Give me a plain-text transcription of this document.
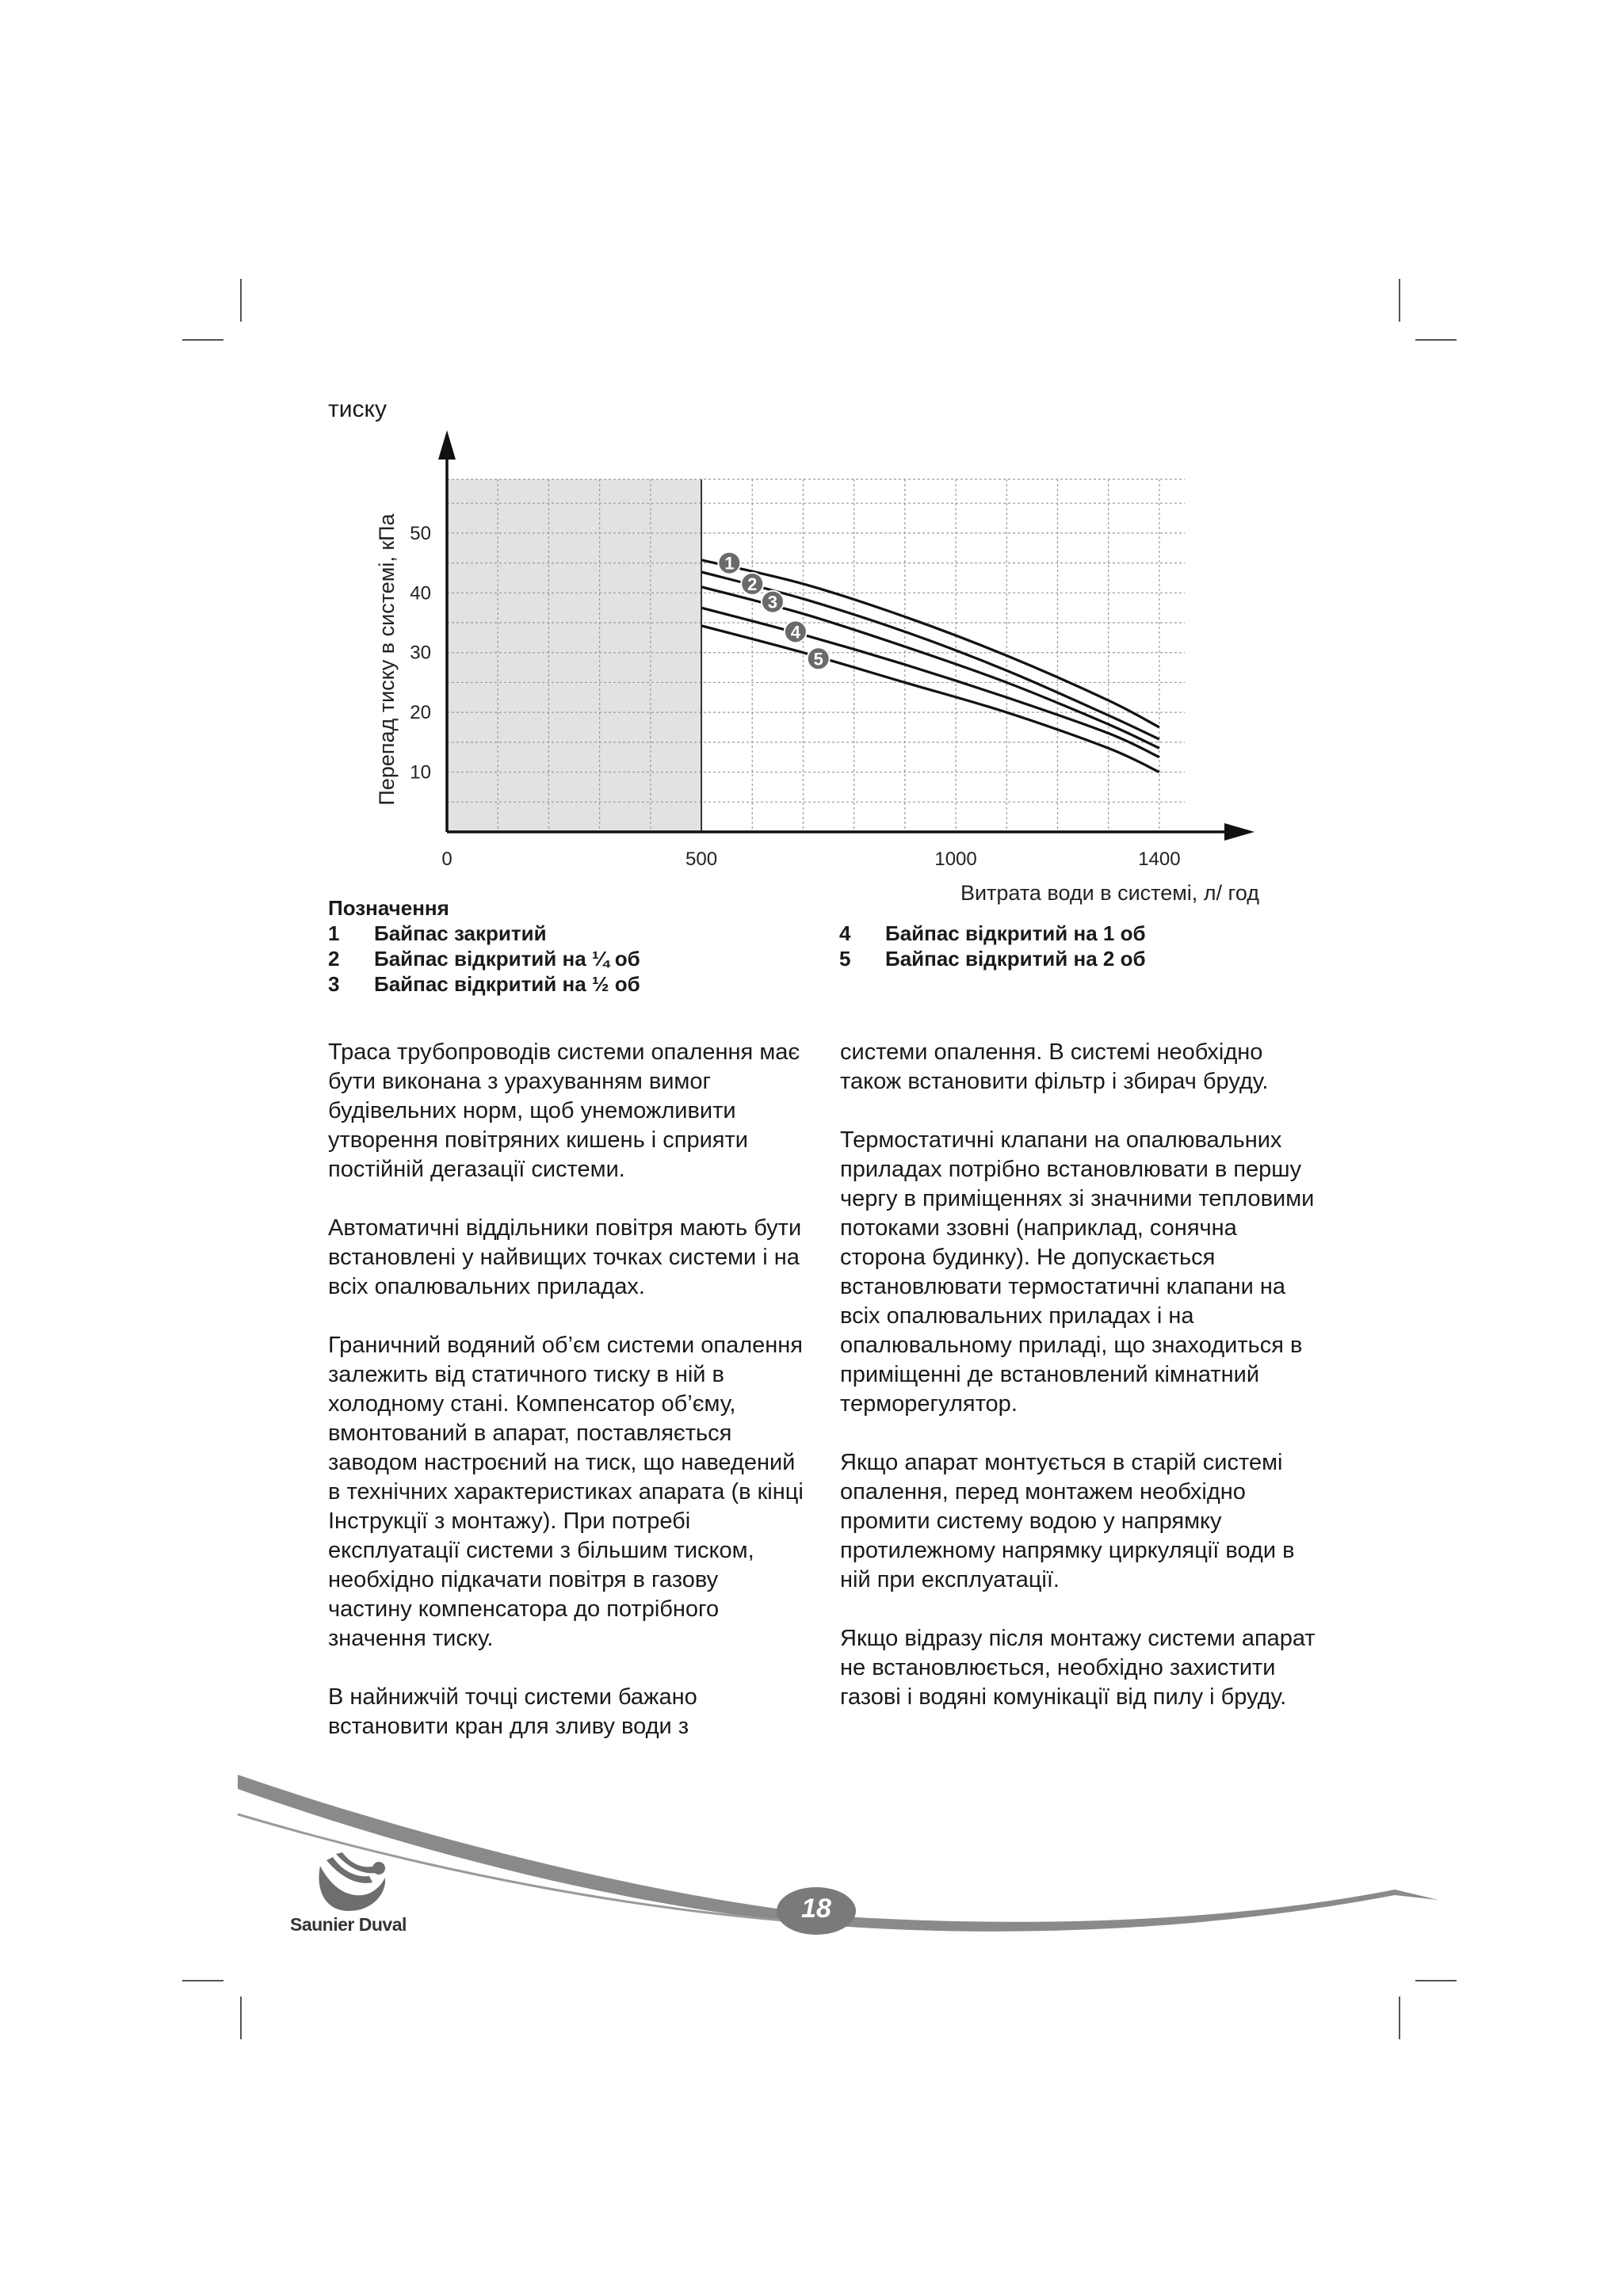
тиску
10
20
30
40
50
0	500	1000	1400
Перепад тиску в системі, кПа
Витрата води в системі, л/ год
1
2
3
4
5
Позначення
1	Байпас закритий
2	Байпас відкритий на ¼ об
3	Байпас відкритий на ½ об
4	Байпас відкритий на 1 об
5	Байпас відкритий на 2 об

Траса трубопроводів системи опалення має бути виконана з урахуванням вимог будівельних норм, щоб унеможливити утворення повітряних кишень і сприяти постійній дегазації системи.

Автоматичні віддільники повітря мають бути встановлені у найвищих точках системи і на всіх опалювальних приладах.

Граничний водяний об’єм системи опалення залежить від статичного тиску в ній в холодному стані. Компенсатор об’єму, вмонтований в апарат, поставляється заводом настроєний на тиск, що наведений в технічних характеристиках апарата (в кінці Інструкції з монтажу). При потребі експлуатації системи з більшим тиском, необхідно підкачати повітря в газову частину компенсатора до потрібного значення тиску.

В найнижчій точці системи бажано встановити кран для зливу води з

системи опалення. В системі необхідно також встановити фільтр і збирач бруду.

Термостатичні клапани на опалювальних приладах потрібно встановлювати в першу чергу в приміщеннях зі значними тепловими потоками ззовні (наприклад, сонячна сторона будинку). Не допускається встановлювати термостатичні клапани на всіх опалювальних приладах і на опалювальному приладі, що знаходиться в приміщенні де встановлений кімнатний терморегулятор.

Якщо апарат монтується в старій системі опалення, перед монтажем необхідно промити систему водою у напрямку протилежному напрямку циркуляції води в ній при експлуатації.

Якщо відразу після монтажу системи апарат не встановлюється, необхідно захистити газові і водяні комунікації від пилу і бруду.

18
Saunier Duval
